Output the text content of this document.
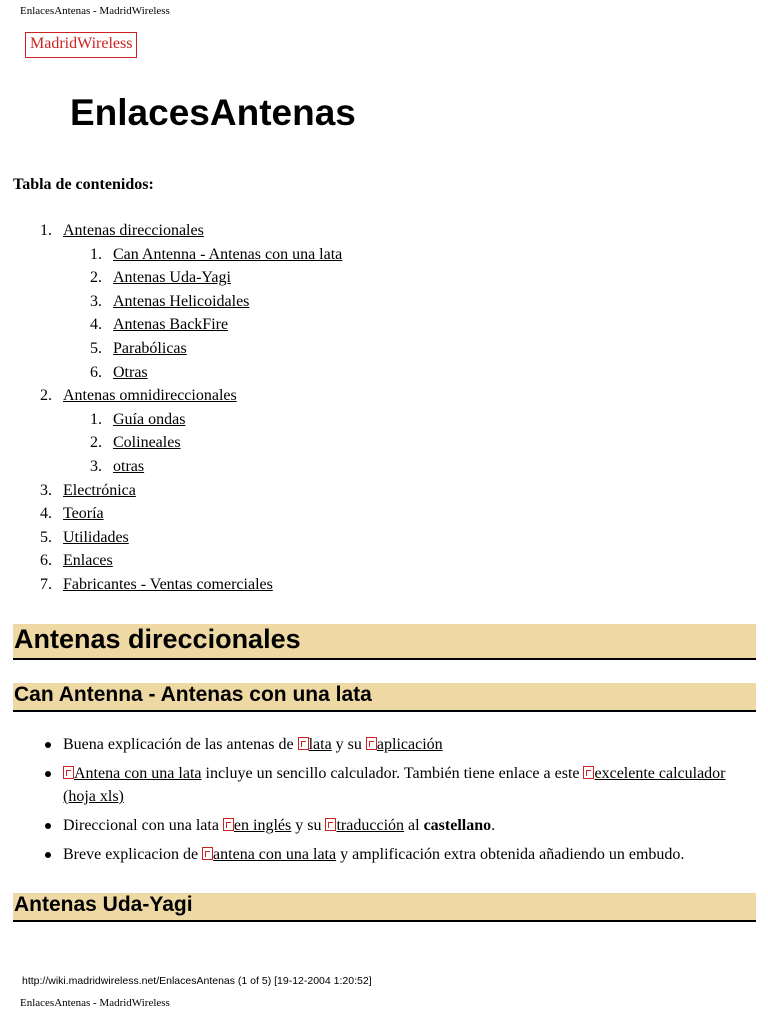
EnlacesAntenas - MadridWireless
MadridWireless
EnlacesAntenas
Tabla de contenidos:
1. Antenas direccionales
1. Can Antenna - Antenas con una lata
2. Antenas Uda-Yagi
3. Antenas Helicoidales
4. Antenas BackFire
5. Parabólicas
6. Otras
2. Antenas omnidireccionales
1. Guía ondas
2. Colineales
3. otras
3. Electrónica
4. Teoría
5. Utilidades
6. Enlaces
7. Fabricantes - Ventas comerciales
Antenas direccionales
Can Antenna - Antenas con una lata
Buena explicación de las antenas de lata y su aplicación
Antena con una lata incluye un sencillo calculador. También tiene enlace a este excelente calculador (hoja xls)
Direccional con una lata en inglés y su traducción al castellano.
Breve explicacion de antena con una lata y amplificación extra obtenida añadiendo un embudo.
Antenas Uda-Yagi
http://wiki.madridwireless.net/EnlacesAntenas (1 of 5) [19-12-2004 1:20:52]
EnlacesAntenas - MadridWireless
